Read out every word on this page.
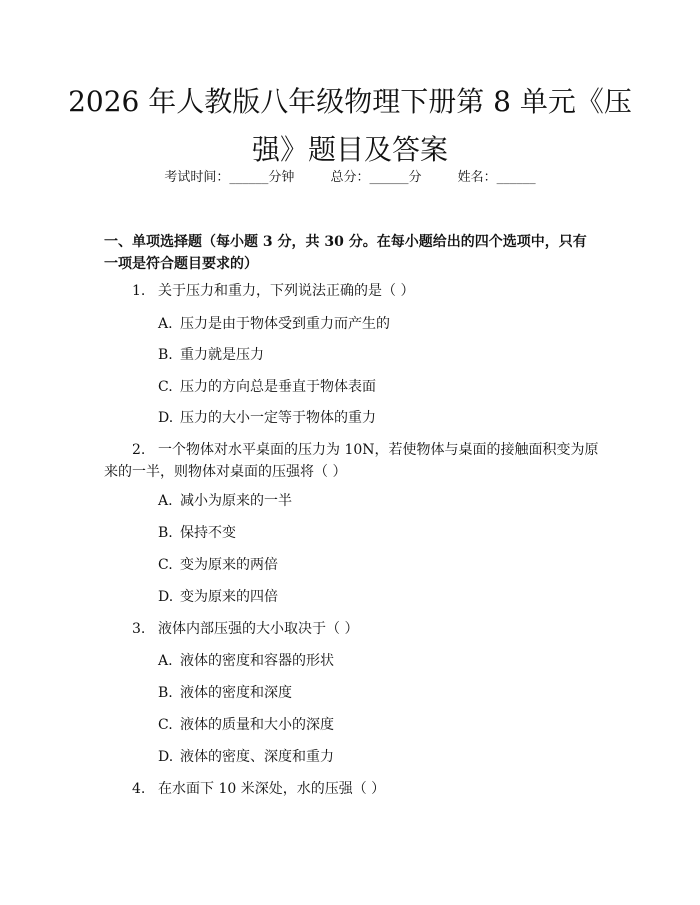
2026 年人教版八年级物理下册第 8 单元《压
强》题目及答案
考试时间：______分钟	总分：______分	姓名：______
一、单项选择题（每小题 3 分，共 30 分。在每小题给出的四个选项中，只有一项是符合题目要求的）
1. 关于压力和重力，下列说法正确的是（ ）
A. 压力是由于物体受到重力而产生的
B. 重力就是压力
C. 压力的方向总是垂直于物体表面
D. 压力的大小一定等于物体的重力
2. 一个物体对水平桌面的压力为 10N，若使物体与桌面的接触面积变为原来的一半，则物体对桌面的压强将（ ）
A. 减小为原来的一半
B. 保持不变
C. 变为原来的两倍
D. 变为原来的四倍
3. 液体内部压强的大小取决于（ ）
A. 液体的密度和容器的形状
B. 液体的密度和深度
C. 液体的质量和大小的深度
D. 液体的密度、深度和重力
4. 在水面下 10 米深处，水的压强（ ）
